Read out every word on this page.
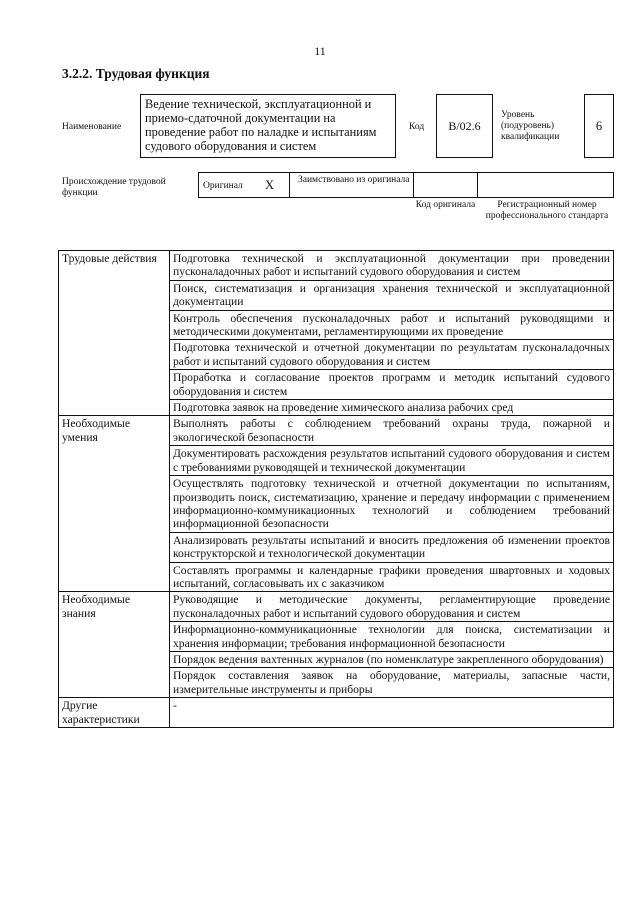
11
3.2.2. Трудовая функция
Наименование
Ведение технической, эксплуатационной и приемо-сдаточной документации на проведение работ по наладке и испытаниям судового оборудования и систем
Код	B/02.6
Уровень (подуровень) квалификации
6
Происхождение трудовой функции
Оригинал X	Заимствовано из оригинала
Код оригинала	Регистрационный номер профессионального стандарта
Трудовые действия	Подготовка технической и эксплуатационной документации при проведении пусконаладочных работ и испытаний судового оборудования и систем
	Поиск, систематизация и организация хранения технической и эксплуатационной документации
	Контроль обеспечения пусконаладочных работ и испытаний руководящими и методическими документами, регламентирующими их проведение
	Подготовка технической и отчетной документации по результатам пусконаладочных работ и испытаний судового оборудования и систем
	Проработка и согласование проектов программ и методик испытаний судового оборудования и систем
	Подготовка заявок на проведение химического анализа рабочих сред
Необходимые умения	Выполнять работы с соблюдением требований охраны труда, пожарной и экологической безопасности
	Документировать расхождения результатов испытаний судового оборудования и систем с требованиями руководящей и технической документации
	Осуществлять подготовку технической и отчетной документации по испытаниям, производить поиск, систематизацию, хранение и передачу информации с применением информационно-коммуникационных технологий и соблюдением требований информационной безопасности
	Анализировать результаты испытаний и вносить предложения об изменении проектов конструкторской и технологической документации
	Составлять программы и календарные графики проведения швартовных и ходовых испытаний, согласовывать их с заказчиком
Необходимые знания	Руководящие и методические документы, регламентирующие проведение пусконаладочных работ и испытаний судового оборудования и систем
	Информационно-коммуникационные технологии для поиска, систематизации и хранения информации; требования информационной безопасности
	Порядок ведения вахтенных журналов (по номенклатуре закрепленного оборудования)
	Порядок составления заявок на оборудование, материалы, запасные части, измерительные инструменты и приборы
Другие характеристики	-
